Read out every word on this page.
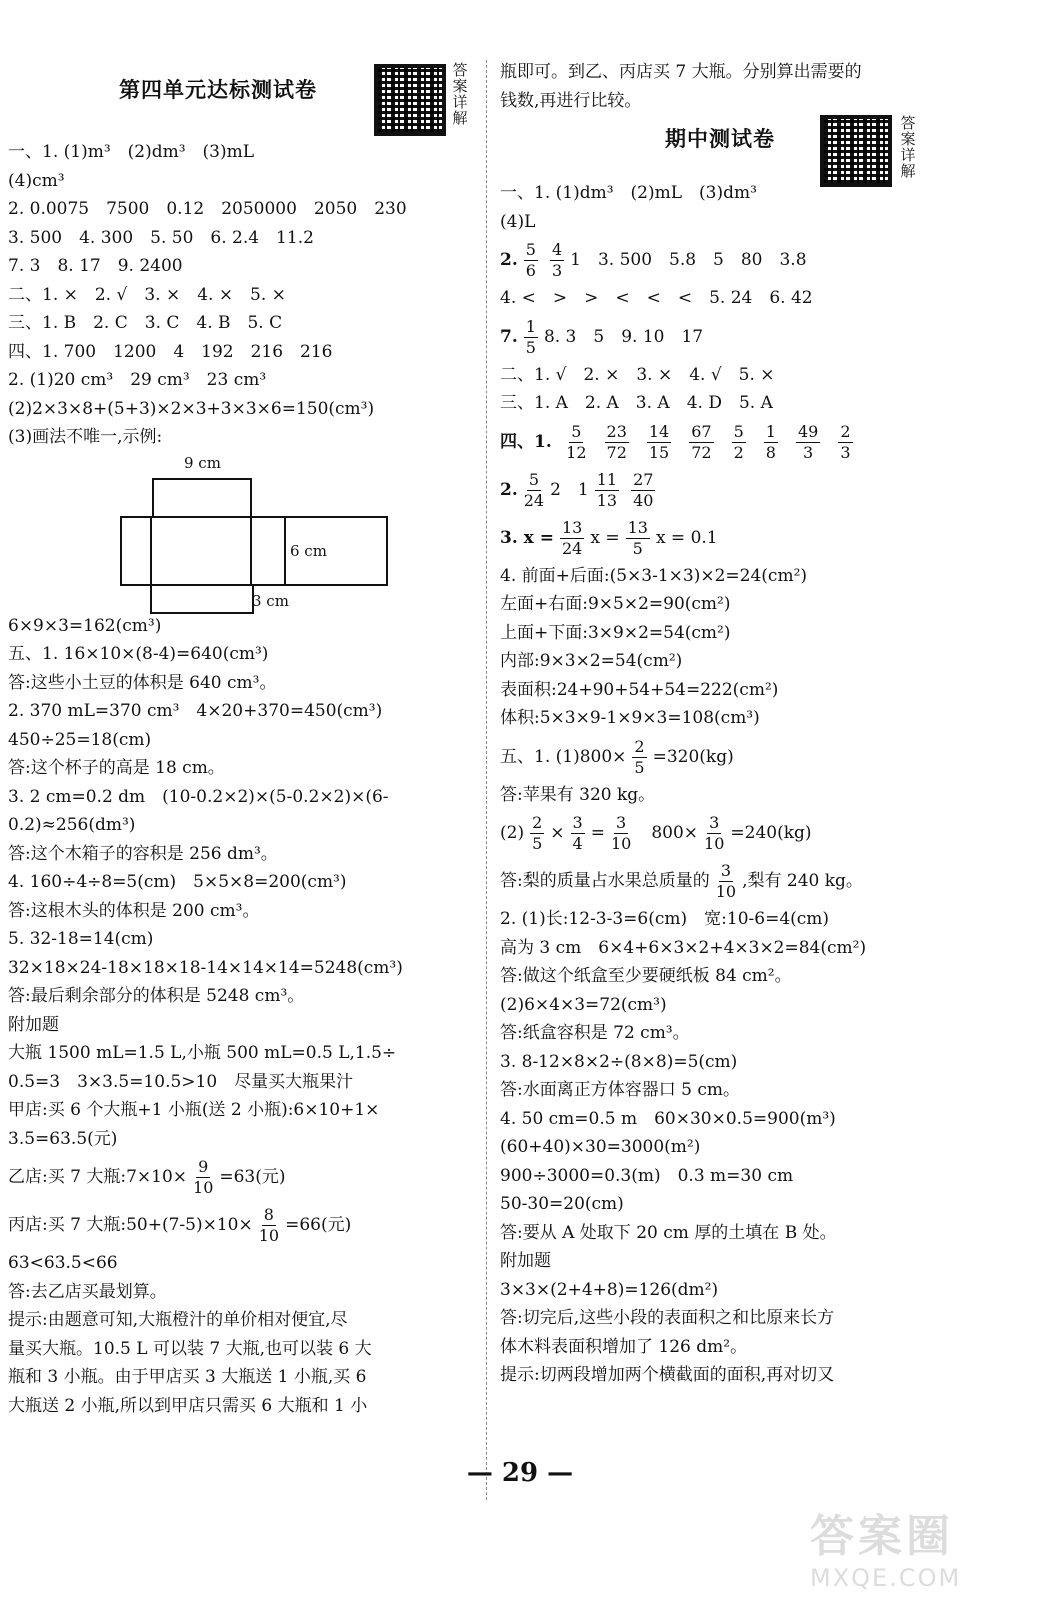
第四单元达标测试卷
答案详解
一、1. (1)m³　(2)dm³　(3)mL
(4)cm³
2. 0.0075　7500　0.12　2050000　2050　230
3. 500　4. 300　5. 50　6. 2.4　11.2
7. 3　8. 17　9. 2400
二、1. ×　2. √　3. ×　4. ×　5. ×
三、1. B　2. C　3. C　4. B　5. C
四、1. 700　1200　4　192　216　216
2. (1)20 cm³　29 cm³　23 cm³
(2)2×3×8+(5+3)×2×3+3×3×6=150(cm³)
(3)画法不唯一,示例:
9 cm
6 cm
3 cm
6×9×3=162(cm³)
五、1. 16×10×(8-4)=640(cm³)
答:这些小土豆的体积是 640 cm³。
2. 370 mL=370 cm³　4×20+370=450(cm³)
450÷25=18(cm)
答:这个杯子的高是 18 cm。
3. 2 cm=0.2 dm　(10-0.2×2)×(5-0.2×2)×(6-
0.2)≈256(dm³)
答:这个木箱子的容积是 256 dm³。
4. 160÷4÷8=5(cm)　5×5×8=200(cm³)
答:这根木头的体积是 200 cm³。
5. 32-18=14(cm)
32×18×24-18×18×18-14×14×14=5248(cm³)
答:最后剩余部分的体积是 5248 cm³。
附加题
大瓶 1500 mL=1.5 L,小瓶 500 mL=0.5 L,1.5÷
0.5=3　3×3.5=10.5>10　尽量买大瓶果汁
甲店:买 6 个大瓶+1 小瓶(送 2 小瓶):6×10+1×
3.5=63.5(元)
乙店:买 7 大瓶:7×10× $\frac{9}{10} =63$(元)
丙店:买 7 大瓶:50+(7-5)×10× $\frac{8}{10} =66$(元)
63<63.5<66
答:去乙店买最划算。
提示:由题意可知,大瓶橙汁的单价相对便宜,尽
量买大瓶。10.5 L 可以装 7 大瓶,也可以装 6 大
瓶和 3 小瓶。由于甲店买 3 大瓶送 1 小瓶,买 6
大瓶送 2 小瓶,所以到甲店只需买 6 大瓶和 1 小
瓶即可。到乙、丙店买 7 大瓶。分别算出需要的
钱数,再进行比较。
期中测试卷
答案详解
一、1. (1)dm³　(2)mL　(3)dm³
(4)L
2. $\frac{5}{6} \frac{4}{3} 1$　3. 500　5.8　5　80　3.8
4. <　>　>　<　<　<　5. 24　6. 42
7. $\frac{1}{5} 8$. 3　5　9. 10　17
二、1. √　2. ×　3. ×　4. √　5. ×
三、1. A　2. A　3. A　4. D　5. A
四、1. $\frac{5}{12} \frac{23}{72} \frac{14}{15} \frac{67}{72} \frac{5}{2} \frac{1}{8} \frac{49}{3} \frac{2}{3}$
2. $\frac{5}{24} 2$　$1 \frac{11}{13} \frac{27}{40}$
3. $x = \frac{13}{24}$ $x = \frac{13}{5}$ x = 0.1
4. 前面+后面:(5×3-1×3)×2=24(cm²)
左面+右面:9×5×2=90(cm²)
上面+下面:3×9×2=54(cm²)
内部:9×3×2=54(cm²)
表面积:24+90+54+54=222(cm²)
体积:5×3×9-1×9×3=108(cm³)
五、1. $(1)800\times \frac{2}{5} =320(kg)$
答:苹果有 320 kg。
$(2) \frac{2}{5} \times \frac{3}{4} = \frac{3}{10} 800\times \frac{3}{10} =240(kg)$
答:梨的质量占水果总质量的 $\frac{3}{10}$ ,梨有 240 kg。
2. (1)长:12-3-3=6(cm)　宽:10-6=4(cm)
高为 3 cm　6×4+6×3×2+4×3×2=84(cm²)
答:做这个纸盒至少要硬纸板 84 cm²。
(2)6×4×3=72(cm³)
答:纸盒容积是 72 cm³。
3. 8-12×8×2÷(8×8)=5(cm)
答:水面离正方体容器口 5 cm。
4. 50 cm=0.5 m　60×30×0.5=900(m³)
(60+40)×30=3000(m²)
900÷3000=0.3(m)　0.3 m=30 cm
50-30=20(cm)
答:要从 A 处取下 20 cm 厚的土填在 B 处。
附加题
3×3×(2+4+8)=126(dm²)
答:切完后,这些小段的表面积之和比原来长方
体木料表面积增加了 126 dm²。
提示:切两段增加两个横截面的面积,再对切又
— 29 —
答案圈
MXQE.COM
